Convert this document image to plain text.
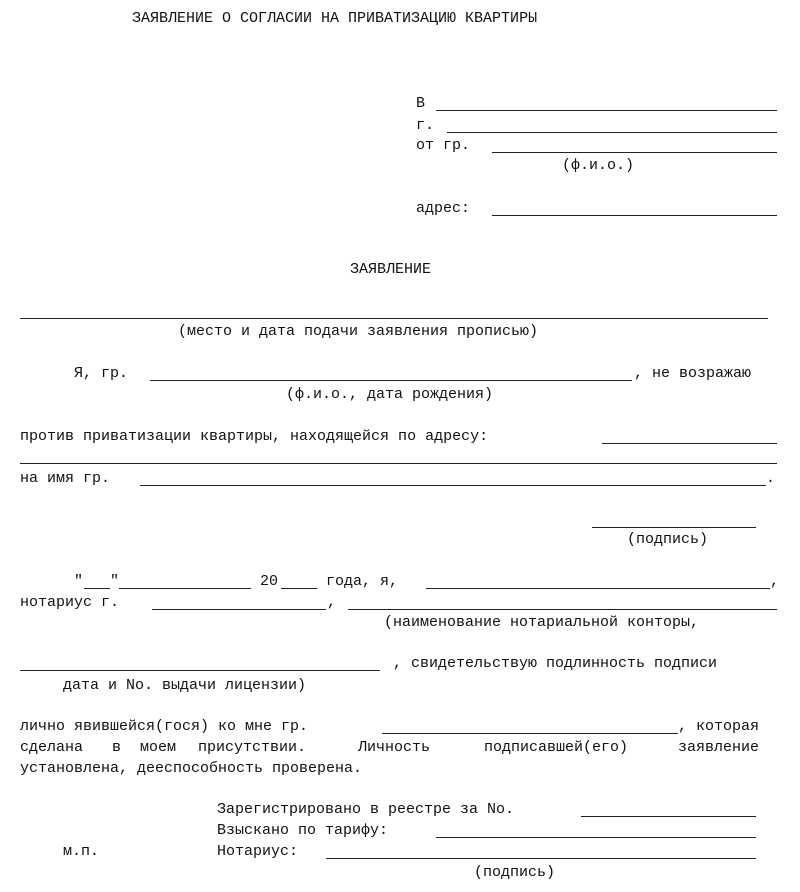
ЗАЯВЛЕНИЕ О СОГЛАСИИ НА ПРИВАТИЗАЦИЮ КВАРТИРЫ
В
г.
от гр.
(ф.и.о.)
адрес:
ЗАЯВЛЕНИЕ
(место и дата подачи заявления прописью)
Я, гр.	, не возражаю
(ф.и.о., дата рождения)
против приватизации квартиры, находящейся по адресу:
на имя гр.	.
(подпись)
" "	20	года, я,	,
нотариус г.	,
(наименование нотариальной конторы,
, свидетельствую подлинность подписи
дата и No. выдачи лицензии)
лично явившейся(гося) ко мне гр.	, которая
сделана в моем присутствии.	Личность	подписавшей(его)	заявление
установлена, дееспособность проверена.
Зарегистрировано в реестре за No.
Взыскано по тарифу:
м.п.	Нотариус:
(подпись)
